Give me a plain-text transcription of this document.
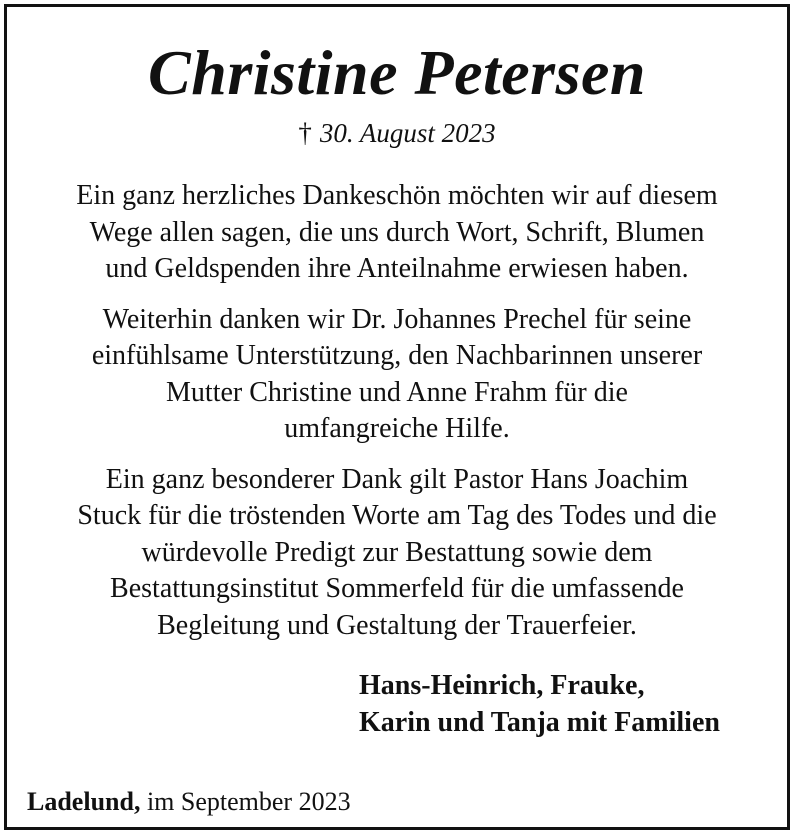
Christine Petersen
† 30. August 2023

Ein ganz herzliches Dankeschön möchten wir auf diesem
Wege allen sagen, die uns durch Wort, Schrift, Blumen
und Geldspenden ihre Anteilnahme erwiesen haben.

Weiterhin danken wir Dr. Johannes Prechel für seine
einfühlsame Unterstützung, den Nachbarinnen unserer
Mutter Christine und Anne Frahm für die
umfangreiche Hilfe.

Ein ganz besonderer Dank gilt Pastor Hans Joachim
Stuck für die tröstenden Worte am Tag des Todes und die
würdevolle Predigt zur Bestattung sowie dem
Bestattungsinstitut Sommerfeld für die umfassende
Begleitung und Gestaltung der Trauerfeier.

Hans-Heinrich, Frauke,
Karin und Tanja mit Familien
Ladelund, im September 2023
